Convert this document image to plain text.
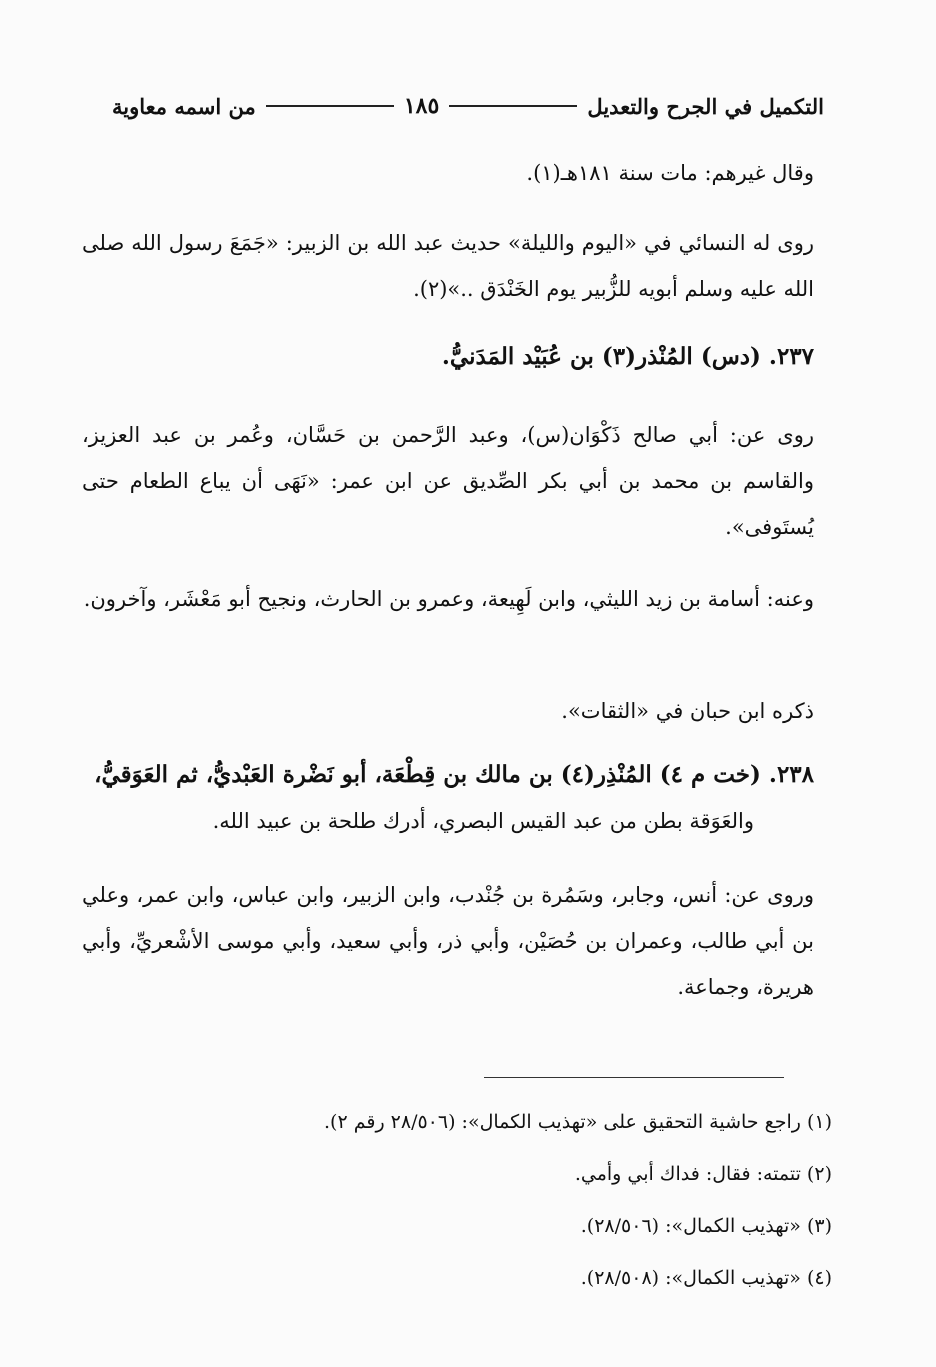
التكميل في الجرح والتعديل
١٨٥
من اسمه معاوية
وقال غيرهم: مات سنة ١٨١هـ(١).
روى له النسائي في «اليوم والليلة» حديث عبد الله بن الزبير: «جَمَعَ رسول الله صلى الله عليه وسلم أبويه للزُّبير يوم الخَنْدَق ..»(٢).
٢٣٧. (دس) المُنْذر(٣) بن عُبَيْد المَدَنيُّ.
روى عن: أبي صالح ذَكْوَان(س)، وعبد الرَّحمن بن حَسَّان، وعُمر بن عبد العزيز، والقاسم بن محمد بن أبي بكر الصِّديق عن ابن عمر: «نَهَى أن يباع الطعام حتى يُستَوفى».
وعنه: أسامة بن زيد الليثي، وابن لَهِيعة، وعمرو بن الحارث، ونجيح أبو مَعْشَر، وآخرون.
ذكره ابن حبان في «الثقات».
٢٣٨. (خت م ٤) المُنْذِر(٤) بن مالك بن قِطْعَة، أبو نَضْرة العَبْديُّ، ثم العَوَقيُّ،
والعَوَقة بطن من عبد القيس البصري، أدرك طلحة بن عبيد الله.
وروى عن: أنس، وجابر، وسَمُرة بن جُنْدب، وابن الزبير، وابن عباس، وابن عمر، وعلي بن أبي طالب، وعمران بن حُصَيْن، وأبي ذر، وأبي سعيد، وأبي موسى الأشْعريِّ، وأبي هريرة، وجماعة.
(١) راجع حاشية التحقيق على «تهذيب الكمال»: (٢٨/٥٠٦ رقم ٢).
(٢) تتمته: فقال: فداك أبي وأمي.
(٣) «تهذيب الكمال»: (٢٨/٥٠٦).
(٤) «تهذيب الكمال»: (٢٨/٥٠٨).
